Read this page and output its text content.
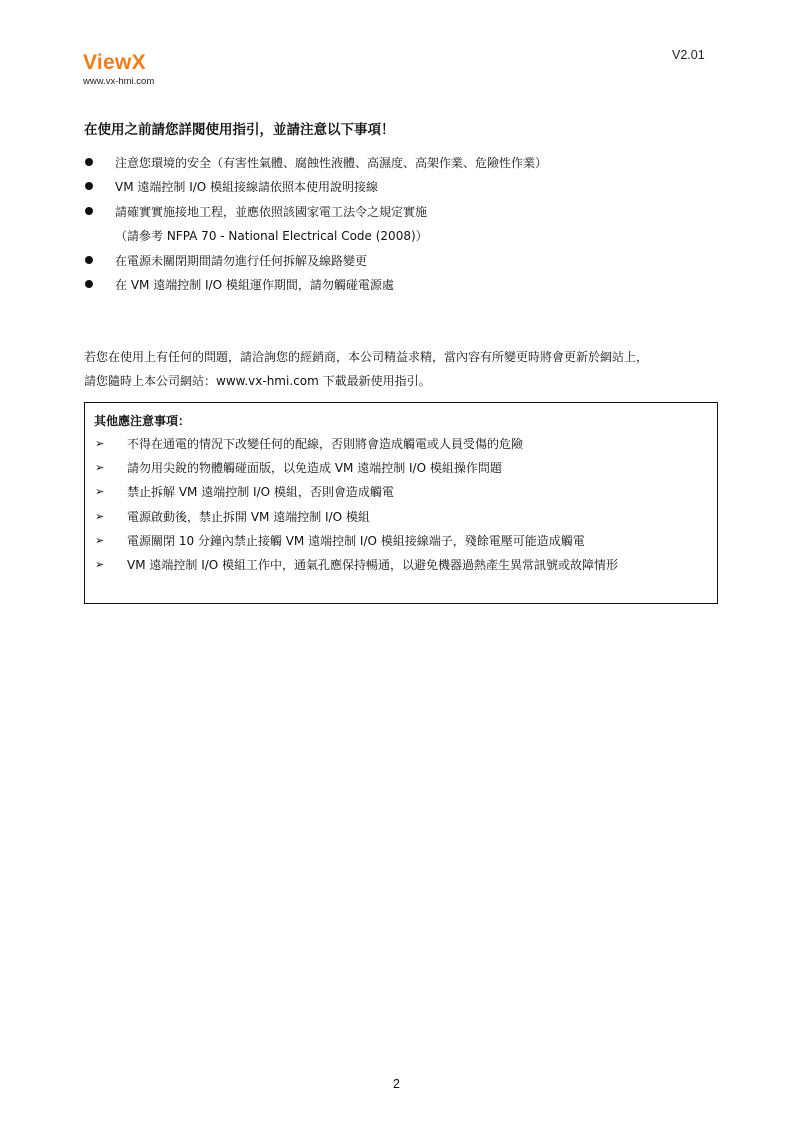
ViewX
www.vx-hmi.com
V2.01
在使用之前請您詳閱使用指引，並請注意以下事項！
注意您環境的安全（有害性氣體、腐蝕性液體、高濕度、高架作業、危險性作業）
VM 遠端控制 I/O 模組接線請依照本使用說明接線
請確實實施接地工程，並應依照該國家電工法令之規定實施
在電源未關閉期間請勿進行任何拆解及線路變更
在 VM 遠端控制 I/O 模組運作期間，請勿觸碰電源處
（請參考 NFPA 70 - National Electrical Code (2008)）
若您在使用上有任何的問題，請洽詢您的經銷商，本公司精益求精，當內容有所變更時將會更新於網站上，
請您隨時上本公司網站：www.vx-hmi.com 下載最新使用指引。
其他應注意事項：
➢ 不得在通電的情況下改變任何的配線，否則將會造成觸電或人員受傷的危險
➢ 請勿用尖銳的物體觸碰面版，以免造成 VM 遠端控制 I/O 模組操作問題
➢ 禁止拆解 VM 遠端控制 I/O 模組，否則會造成觸電
➢ 電源啟動後，禁止拆開 VM 遠端控制 I/O 模組
➢ 電源關閉 10 分鐘內禁止接觸 VM 遠端控制 I/O 模組接線端子，殘餘電壓可能造成觸電
➢ VM 遠端控制 I/O 模組工作中，通氣孔應保持暢通，以避免機器過熱產生異常訊號或故障情形
2
